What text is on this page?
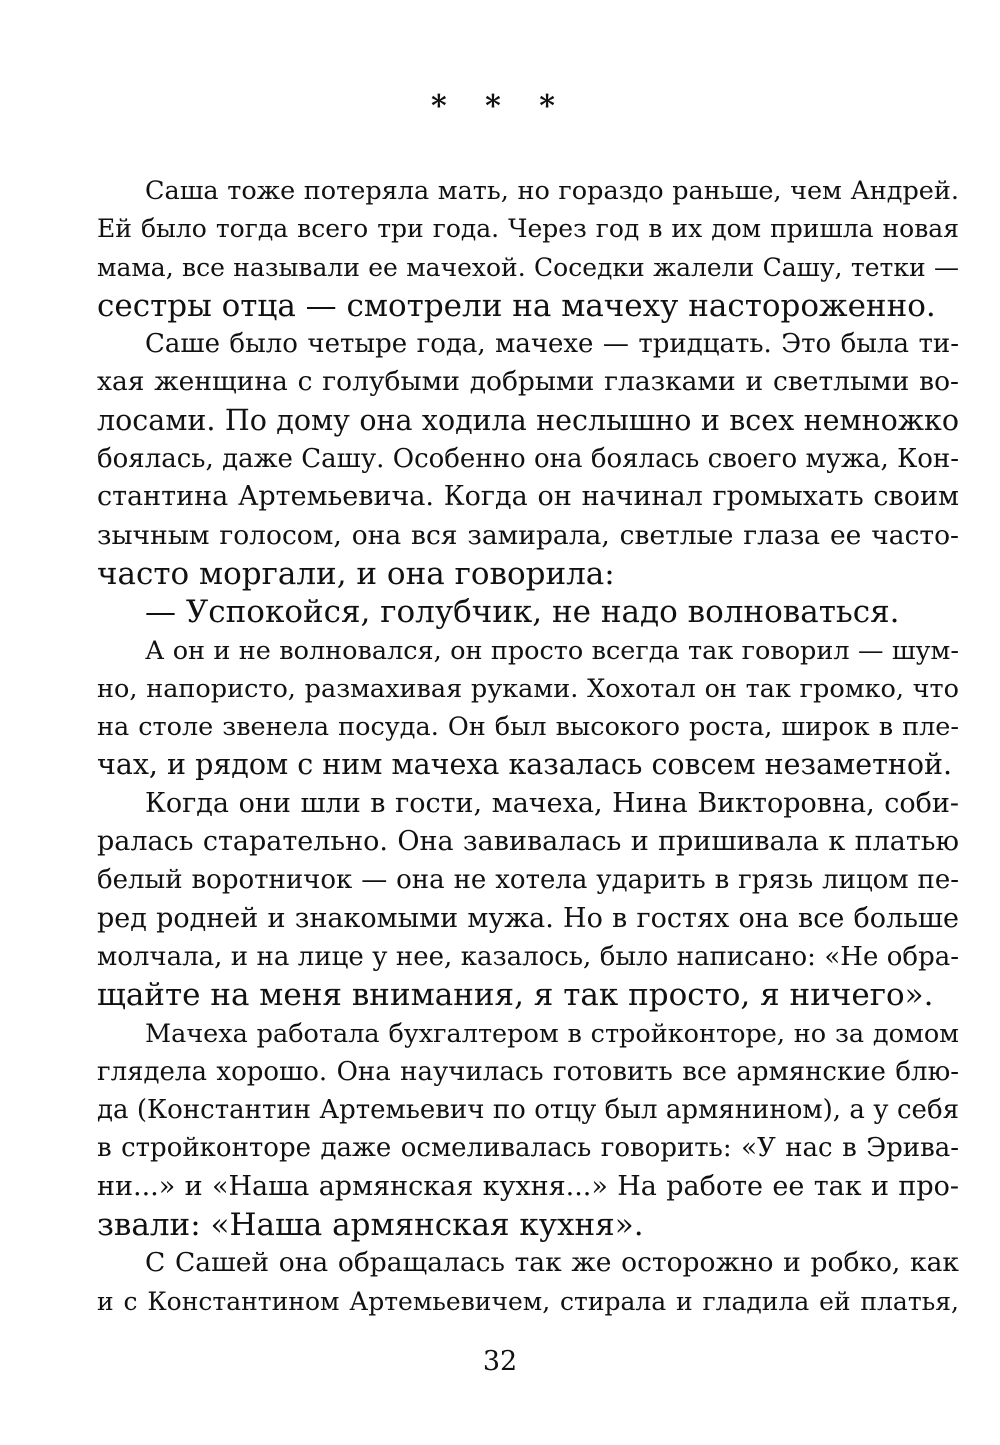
* * *
Саша тоже потеряла мать, но гораздо раньше, чем Андрей.
Ей было тогда всего три года. Через год в их дом пришла новая
мама, все называли ее мачехой. Соседки жалели Сашу, тетки —
сестры отца — смотрели на мачеху настороженно.
Саше было четыре года, мачехе — тридцать. Это была ти-
хая женщина с голубыми добрыми глазками и светлыми во-
лосами. По дому она ходила неслышно и всех немножко
боялась, даже Сашу. Особенно она боялась своего мужа, Кон-
стантина Артемьевича. Когда он начинал громыхать своим
зычным голосом, она вся замирала, светлые глаза ее часто-
часто моргали, и она говорила:
— Успокойся, голубчик, не надо волноваться.
А он и не волновался, он просто всегда так говорил — шум-
но, напористо, размахивая руками. Хохотал он так громко, что
на столе звенела посуда. Он был высокого роста, широк в пле-
чах, и рядом с ним мачеха казалась совсем незаметной.
Когда они шли в гости, мачеха, Нина Викторовна, соби-
ралась старательно. Она завивалась и пришивала к платью
белый воротничок — она не хотела ударить в грязь лицом пе-
ред родней и знакомыми мужа. Но в гостях она все больше
молчала, и на лице у нее, казалось, было написано: «Не обра-
щайте на меня внимания, я так просто, я ничего».
Мачеха работала бухгалтером в стройконторе, но за домом
глядела хорошо. Она научилась готовить все армянские блю-
да (Константин Артемьевич по отцу был армянином), а у себя
в стройконторе даже осмеливалась говорить: «У нас в Эрива-
ни...» и «Наша армянская кухня...» На работе ее так и про-
звали: «Наша армянская кухня».
С Сашей она обращалась так же осторожно и робко, как
и с Константином Артемьевичем, стирала и гладила ей платья,
32
